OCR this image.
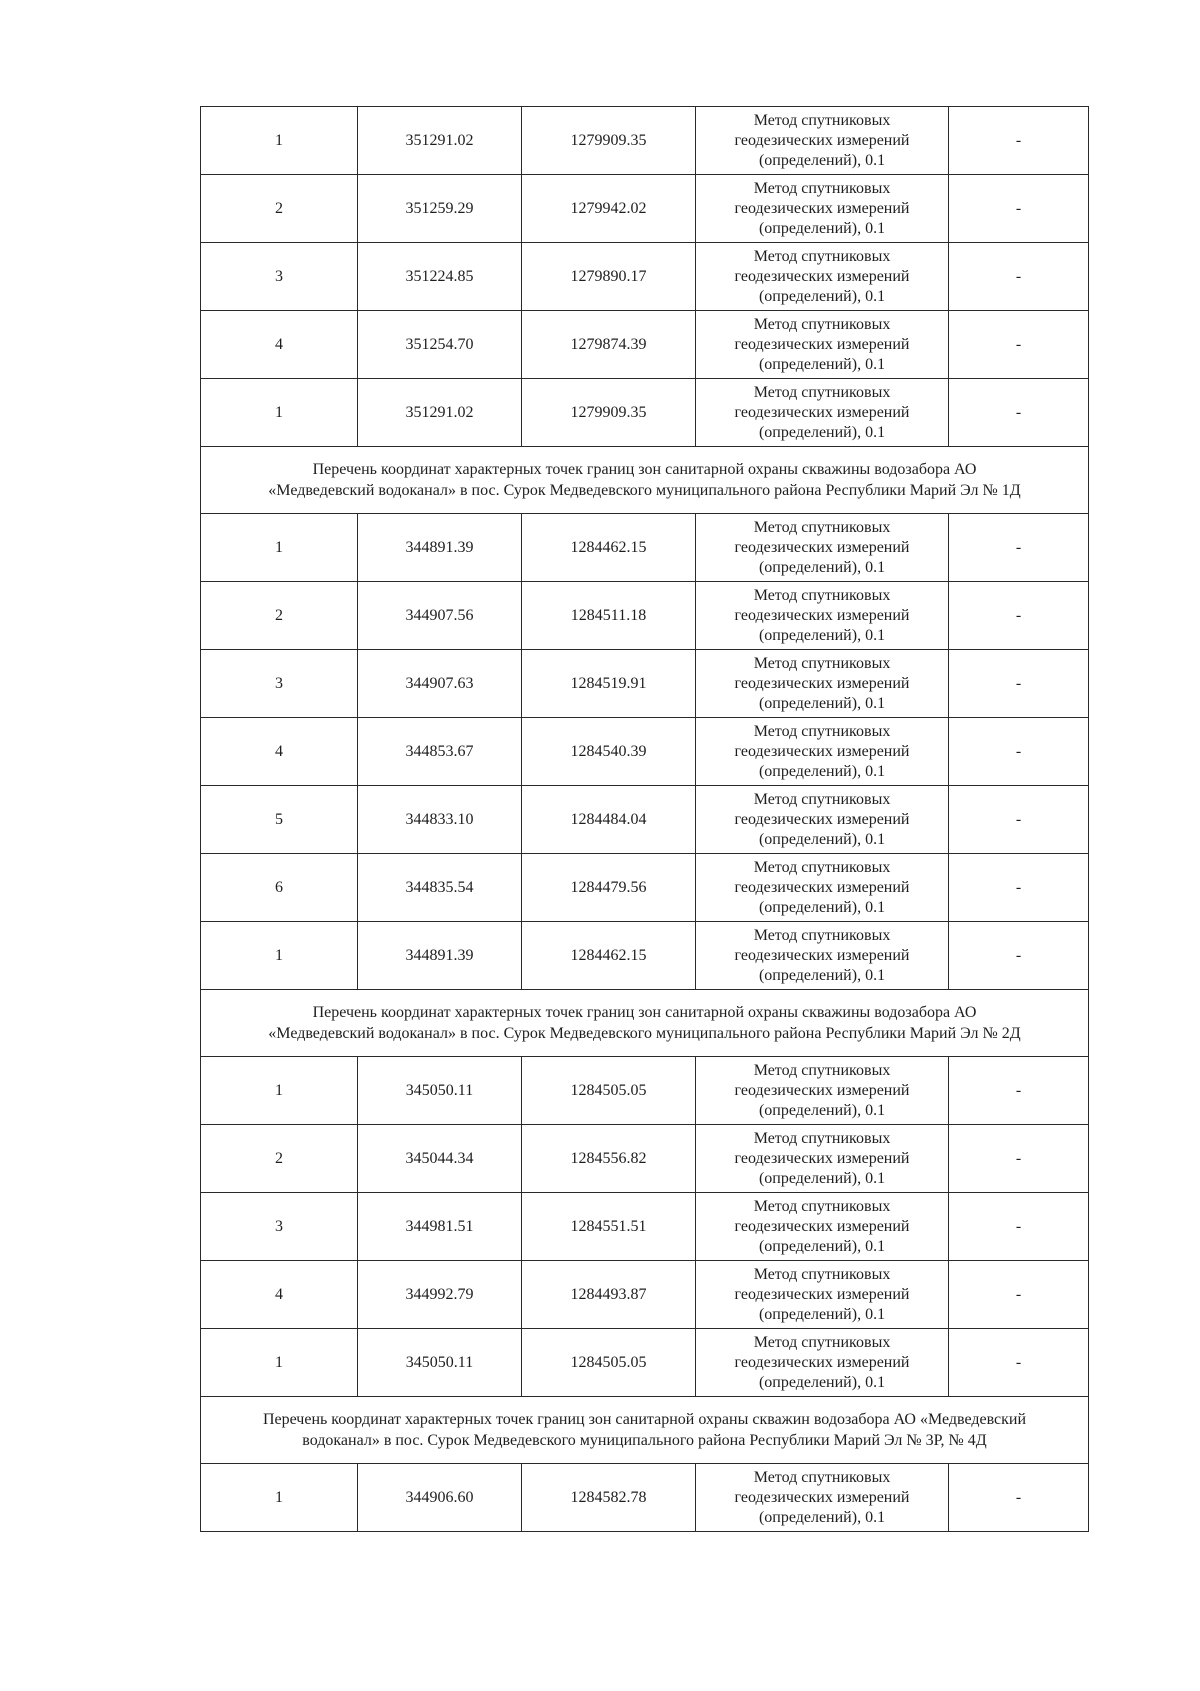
1	351291.02	1279909.35	Метод спутниковых
геодезических измерений
(определений), 0.1	-
2	351259.29	1279942.02	Метод спутниковых
геодезических измерений
(определений), 0.1	-
3	351224.85	1279890.17	Метод спутниковых
геодезических измерений
(определений), 0.1	-
4	351254.70	1279874.39	Метод спутниковых
геодезических измерений
(определений), 0.1	-
1	351291.02	1279909.35	Метод спутниковых
геодезических измерений
(определений), 0.1	-
Перечень координат характерных точек границ зон санитарной охраны скважины водозабора АО «Медведевский водоканал» в пос. Сурок Медведевского муниципального района Республики Марий Эл № 1Д				
1	344891.39	1284462.15	Метод спутниковых
геодезических измерений
(определений), 0.1	-
2	344907.56	1284511.18	Метод спутниковых
геодезических измерений
(определений), 0.1	-
3	344907.63	1284519.91	Метод спутниковых
геодезических измерений
(определений), 0.1	-
4	344853.67	1284540.39	Метод спутниковых
геодезических измерений
(определений), 0.1	-
5	344833.10	1284484.04	Метод спутниковых
геодезических измерений
(определений), 0.1	-
6	344835.54	1284479.56	Метод спутниковых
геодезических измерений
(определений), 0.1	-
1	344891.39	1284462.15	Метод спутниковых
геодезических измерений
(определений), 0.1	-
Перечень координат характерных точек границ зон санитарной охраны скважины водозабора АО «Медведевский водоканал» в пос. Сурок Медведевского муниципального района Республики Марий Эл № 2Д				
1	345050.11	1284505.05	Метод спутниковых
геодезических измерений
(определений), 0.1	-
2	345044.34	1284556.82	Метод спутниковых
геодезических измерений
(определений), 0.1	-
3	344981.51	1284551.51	Метод спутниковых
геодезических измерений
(определений), 0.1	-
4	344992.79	1284493.87	Метод спутниковых
геодезических измерений
(определений), 0.1	-
1	345050.11	1284505.05	Метод спутниковых
геодезических измерений
(определений), 0.1	-
Перечень координат характерных точек границ зон санитарной охраны скважин водозабора АО «Медведевский водоканал» в пос. Сурок Медведевского муниципального района Республики Марий Эл № 3Р, № 4Д				
1	344906.60	1284582.78	Метод спутниковых
геодезических измерений
(определений), 0.1	-
